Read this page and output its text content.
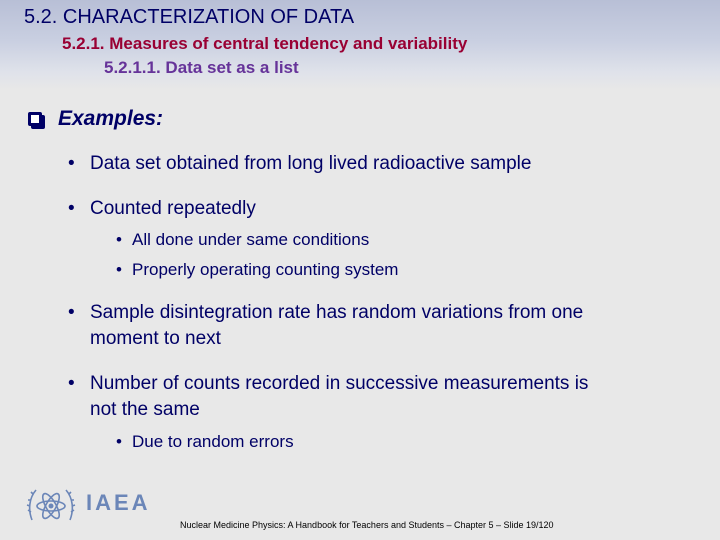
5.2. CHARACTERIZATION OF DATA
5.2.1. Measures of central tendency and variability
5.2.1.1. Data set as a list
Examples:
• Data set obtained from long lived radioactive sample
• Counted repeatedly
• All done under same conditions
• Properly operating counting system
• Sample disintegration rate has random variations from one
moment to next
• Number of counts recorded in successive measurements is
not the same
• Due to random errors
IAEA
Nuclear Medicine Physics: A Handbook for Teachers and Students – Chapter 5 – Slide 19/120
